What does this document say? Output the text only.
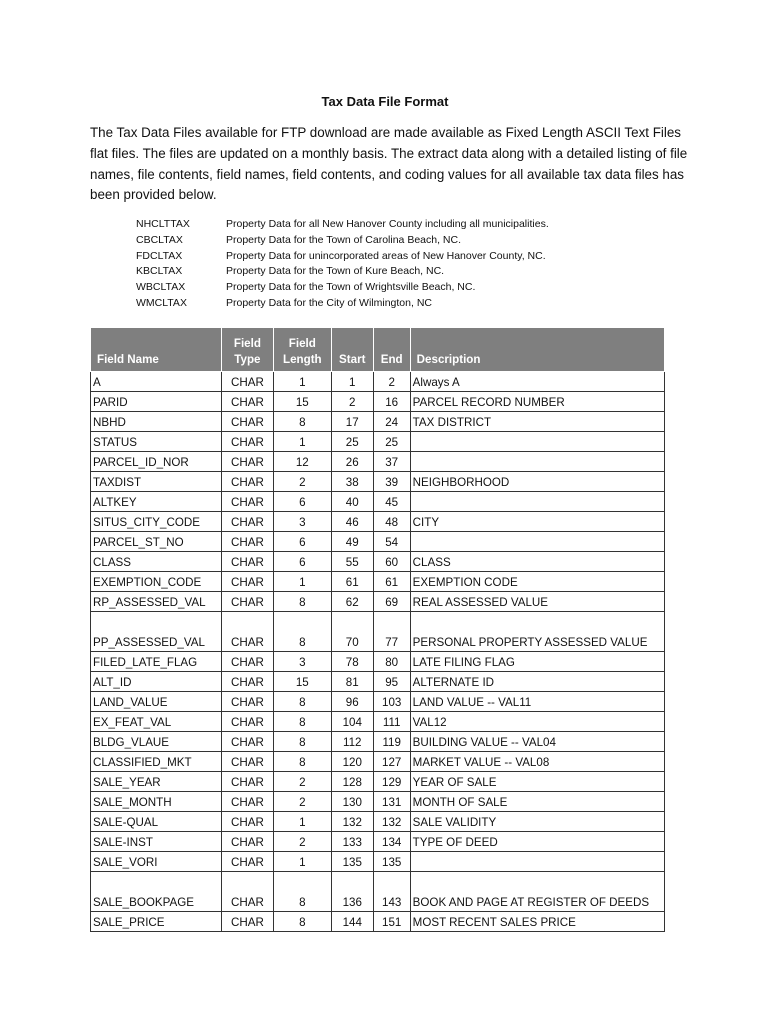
Tax Data File Format
The Tax Data Files available for FTP download are made available as Fixed Length ASCII Text Files flat files. The files are updated on a monthly basis. The extract data along with a detailed listing of file names, file contents, field names, field contents, and coding values for all available tax data files has been provided below.
NHCLTTAX	Property Data for all New Hanover County including all municipalities.
CBCLTAX	Property Data for the Town of Carolina Beach, NC.
FDCLTAX	Property Data for unincorporated areas of New Hanover County, NC.
KBCLTAX	Property Data for the Town of Kure Beach, NC.
WBCLTAX	Property Data for the Town of Wrightsville Beach, NC.
WMCLTAX	Property Data for the City of Wilmington, NC
Field Name	Field Type	Field Length	Start	End	Description
A	CHAR	1	1	2	Always A
PARID	CHAR	15	2	16	PARCEL RECORD NUMBER
NBHD	CHAR	8	17	24	TAX DISTRICT
STATUS	CHAR	1	25	25	
PARCEL_ID_NOR	CHAR	12	26	37	
TAXDIST	CHAR	2	38	39	NEIGHBORHOOD
ALTKEY	CHAR	6	40	45	
SITUS_CITY_CODE	CHAR	3	46	48	CITY
PARCEL_ST_NO	CHAR	6	49	54	
CLASS	CHAR	6	55	60	CLASS
EXEMPTION_CODE	CHAR	1	61	61	EXEMPTION CODE
RP_ASSESSED_VAL	CHAR	8	62	69	REAL ASSESSED VALUE
PP_ASSESSED_VAL	CHAR	8	70	77	PERSONAL PROPERTY ASSESSED VALUE
FILED_LATE_FLAG	CHAR	3	78	80	LATE FILING FLAG
ALT_ID	CHAR	15	81	95	ALTERNATE ID
LAND_VALUE	CHAR	8	96	103	LAND VALUE -- VAL11
EX_FEAT_VAL	CHAR	8	104	111	VAL12
BLDG_VLAUE	CHAR	8	112	119	BUILDING VALUE -- VAL04
CLASSIFIED_MKT	CHAR	8	120	127	MARKET VALUE -- VAL08
SALE_YEAR	CHAR	2	128	129	YEAR OF SALE
SALE_MONTH	CHAR	2	130	131	MONTH OF SALE
SALE-QUAL	CHAR	1	132	132	SALE VALIDITY
SALE-INST	CHAR	2	133	134	TYPE OF DEED
SALE_VORI	CHAR	1	135	135	
SALE_BOOKPAGE	CHAR	8	136	143	BOOK AND PAGE AT REGISTER OF DEEDS
SALE_PRICE	CHAR	8	144	151	MOST RECENT SALES PRICE
